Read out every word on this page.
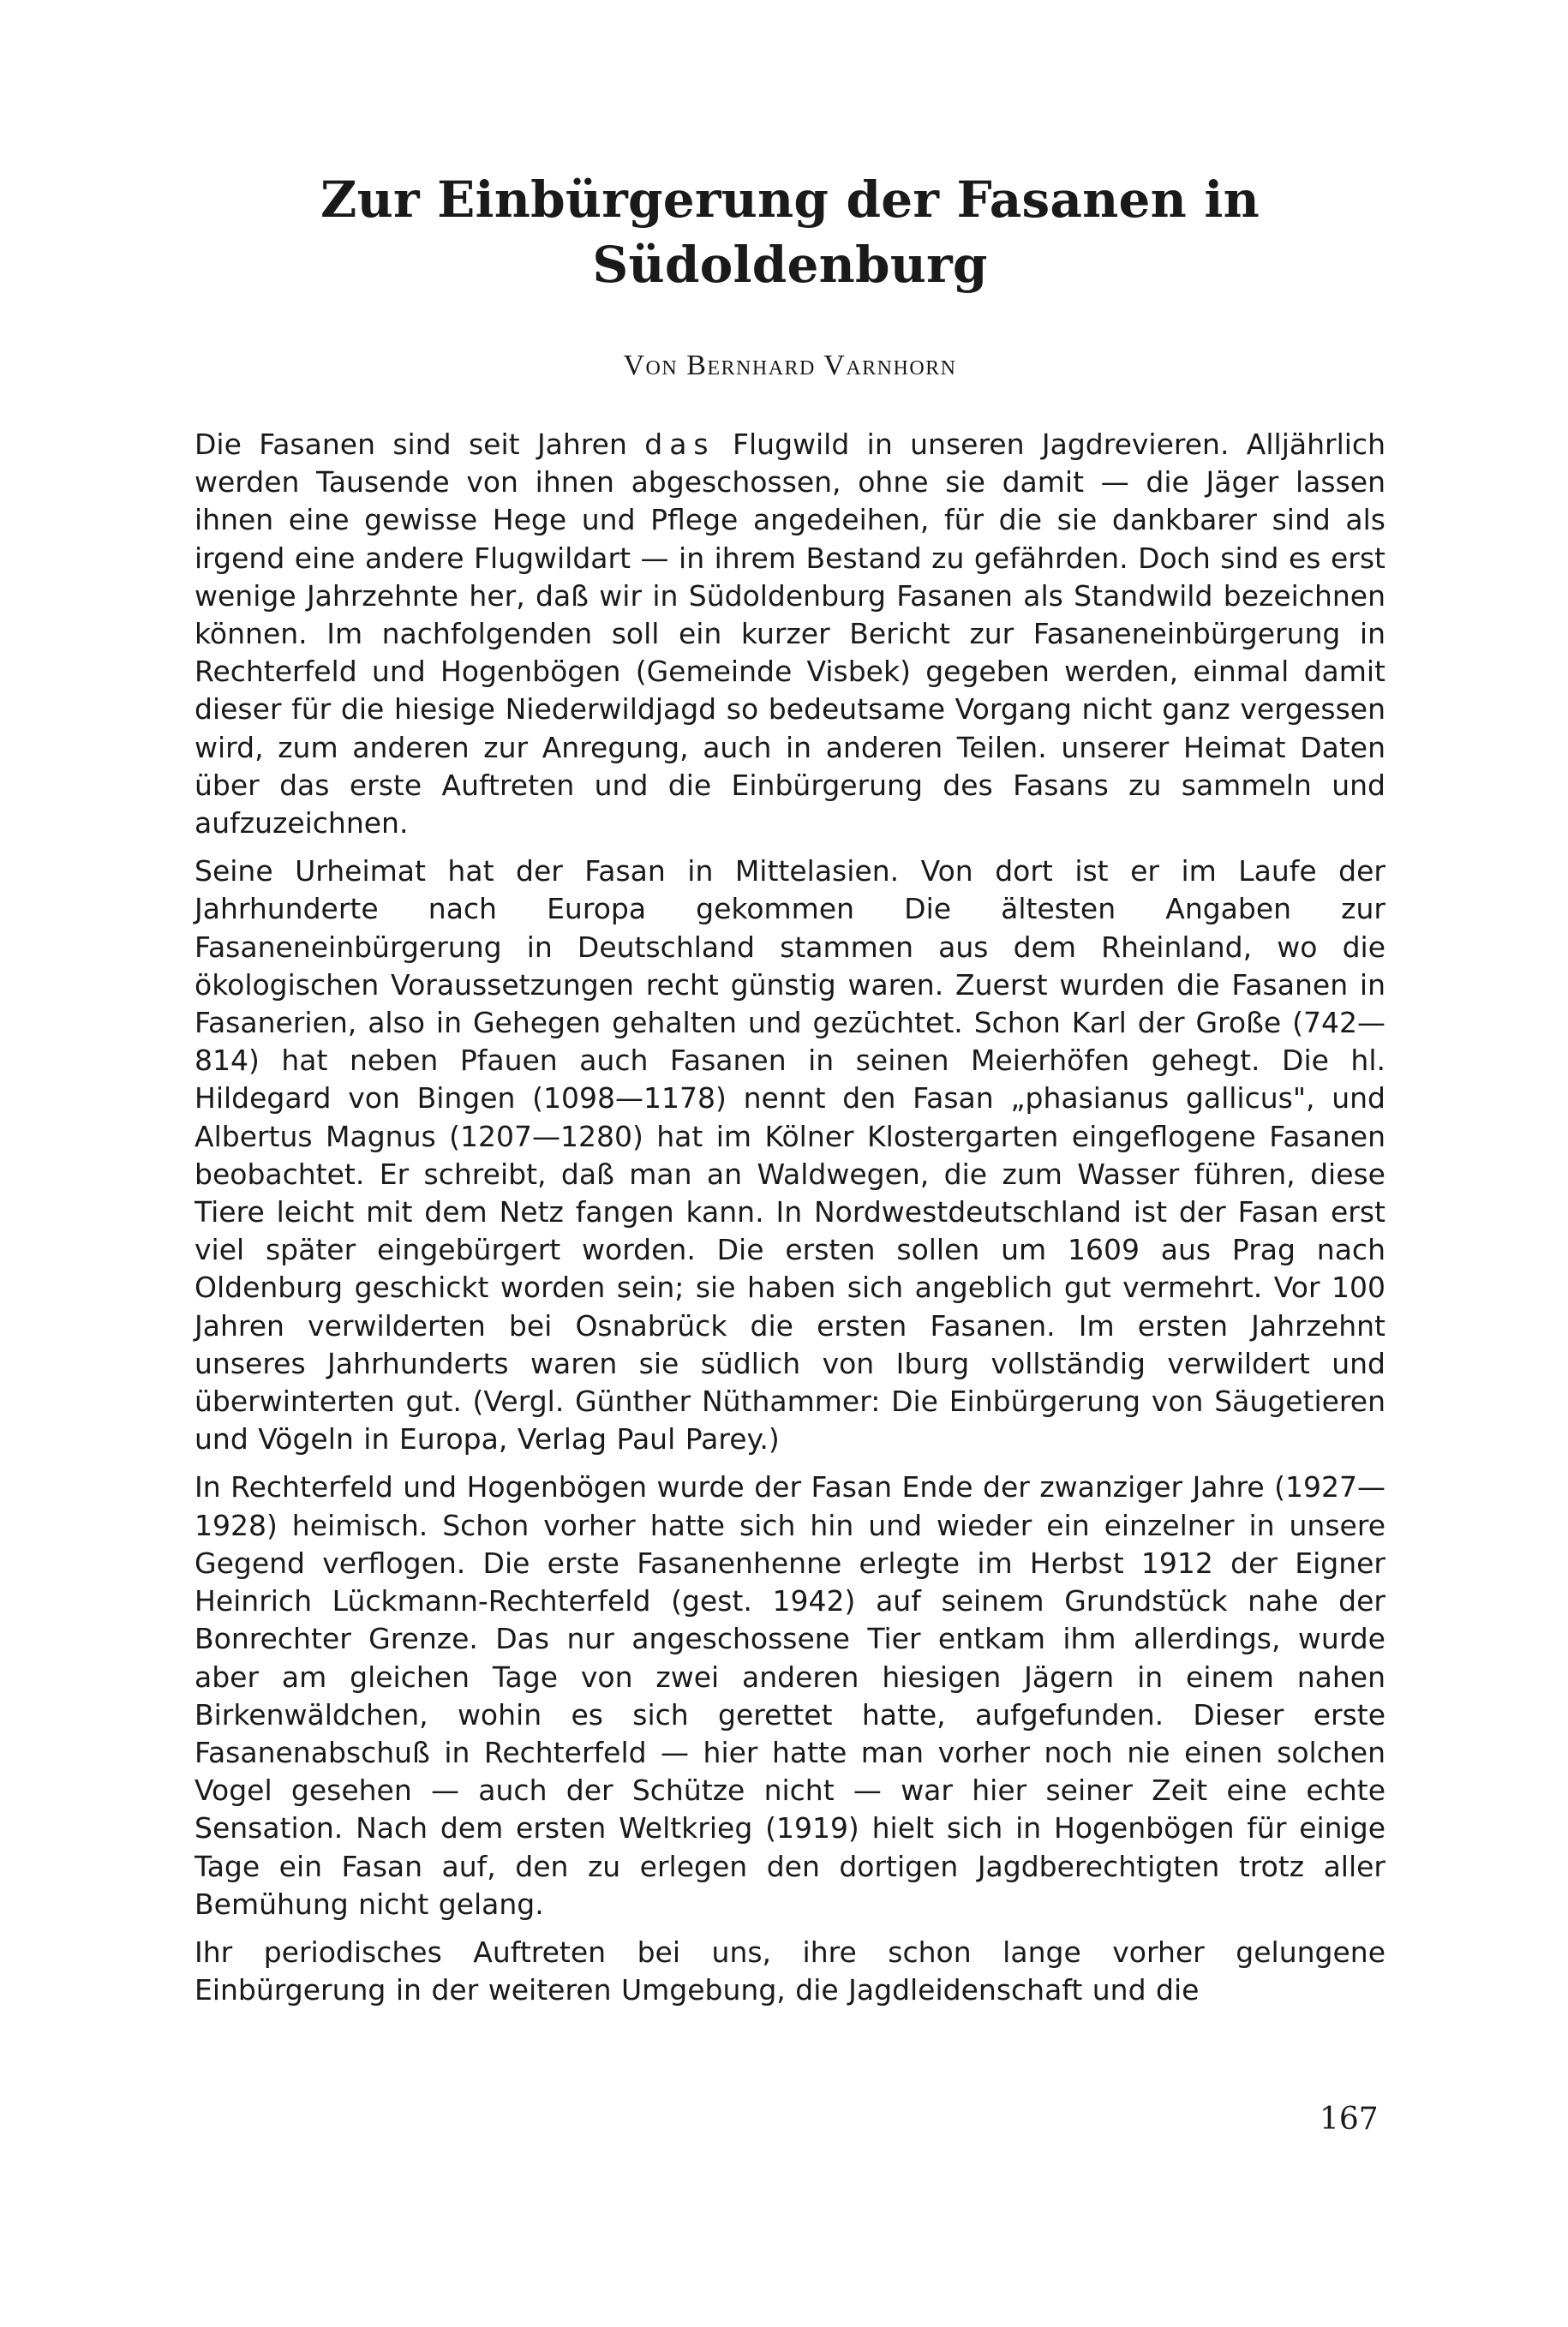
Zur Einbürgerung der Fasanen in Südoldenburg
Von Bernhard Varnhorn

Die Fasanen sind seit Jahren das Flugwild in unseren Jagdrevieren. Alljährlich werden Tausende von ihnen abgeschossen, ohne sie damit — die Jäger lassen ihnen eine gewisse Hege und Pflege angedeihen, für die sie dankbarer sind als irgend eine andere Flugwildart — in ihrem Bestand zu gefährden. Doch sind es erst wenige Jahrzehnte her, daß wir in Südoldenburg Fasanen als Standwild bezeichnen können. Im nachfolgenden soll ein kurzer Bericht zur Fasaneneinbürgerung in Rechterfeld und Hogenbögen (Gemeinde Visbek) gegeben werden, einmal damit dieser für die hiesige Niederwildjagd so bedeutsame Vorgang nicht ganz vergessen wird, zum anderen zur Anregung, auch in anderen Teilen. unserer Heimat Daten über das erste Auftreten und die Einbürgerung des Fasans zu sammeln und aufzuzeichnen.

Seine Urheimat hat der Fasan in Mittelasien. Von dort ist er im Laufe der Jahrhunderte nach Europa gekommen Die ältesten Angaben zur Fasaneneinbürgerung in Deutschland stammen aus dem Rheinland, wo die ökologischen Voraussetzungen recht günstig waren. Zuerst wurden die Fasanen in Fasanerien, also in Gehegen gehalten und gezüchtet. Schon Karl der Große (742—814) hat neben Pfauen auch Fasanen in seinen Meierhöfen gehegt. Die hl. Hildegard von Bingen (1098—1178) nennt den Fasan „phasianus gallicus", und Albertus Magnus (1207—1280) hat im Kölner Klostergarten eingeflogene Fasanen beobachtet. Er schreibt, daß man an Waldwegen, die zum Wasser führen, diese Tiere leicht mit dem Netz fangen kann. In Nordwestdeutschland ist der Fasan erst viel später eingebürgert worden. Die ersten sollen um 1609 aus Prag nach Oldenburg geschickt worden sein; sie haben sich angeblich gut vermehrt. Vor 100 Jahren verwilderten bei Osnabrück die ersten Fasanen. Im ersten Jahrzehnt unseres Jahrhunderts waren sie südlich von Iburg vollständig verwildert und überwinterten gut. (Vergl. Günther Nüthammer: Die Einbürgerung von Säugetieren und Vögeln in Europa, Verlag Paul Parey.)

In Rechterfeld und Hogenbögen wurde der Fasan Ende der zwanziger Jahre (1927—1928) heimisch. Schon vorher hatte sich hin und wieder ein einzelner in unsere Gegend verflogen. Die erste Fasanenhenne erlegte im Herbst 1912 der Eigner Heinrich Lückmann-Rechterfeld (gest. 1942) auf seinem Grundstück nahe der Bonrechter Grenze. Das nur angeschossene Tier entkam ihm allerdings, wurde aber am gleichen Tage von zwei anderen hiesigen Jägern in einem nahen Birkenwäldchen, wohin es sich gerettet hatte, aufgefunden. Dieser erste Fasanenabschuß in Rechterfeld — hier hatte man vorher noch nie einen solchen Vogel gesehen — auch der Schütze nicht — war hier seiner Zeit eine echte Sensation. Nach dem ersten Weltkrieg (1919) hielt sich in Hogenbögen für einige Tage ein Fasan auf, den zu erlegen den dortigen Jagdberechtigten trotz aller Bemühung nicht gelang.

Ihr periodisches Auftreten bei uns, ihre schon lange vorher gelungene Einbürgerung in der weiteren Umgebung, die Jagdleidenschaft und die

167
